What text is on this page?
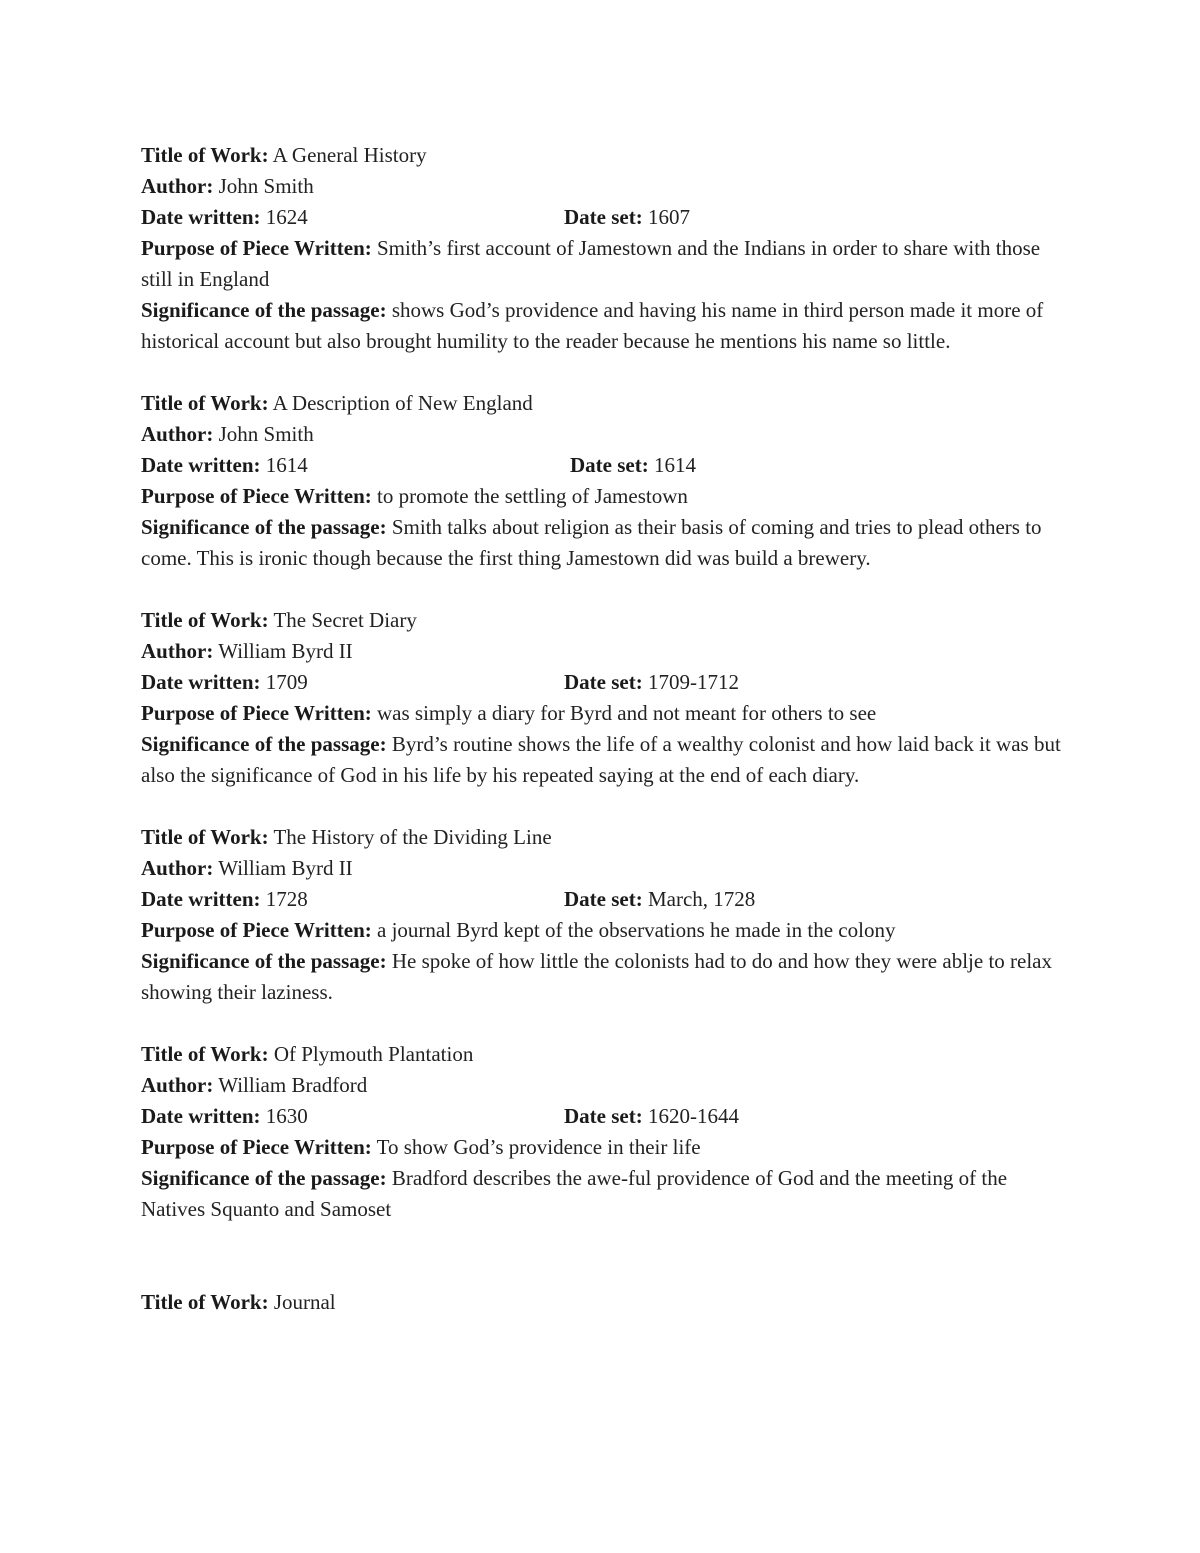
Title of Work: A General History

Author: John Smith

Date written: 1624	Date set: 1607

Purpose of Piece Written: Smith’s first account of Jamestown and the Indians in order to share with those still in England

Significance of the passage: shows God’s providence and having his name in third person made it more of historical account but also brought humility to the reader because he mentions his name so little.

Title of Work: A Description of New England

Author: John Smith

Date written: 1614	Date set: 1614

Purpose of Piece Written: to promote the settling of Jamestown

Significance of the passage: Smith talks about religion as their basis of coming and tries to plead others to come. This is ironic though because the first thing Jamestown did was build a brewery.

Title of Work: The Secret Diary

Author: William Byrd II

Date written: 1709	Date set: 1709-1712

Purpose of Piece Written: was simply a diary for Byrd and not meant for others to see

Significance of the passage: Byrd’s routine shows the life of a wealthy colonist and how laid back it was but also the significance of God in his life by his repeated saying at the end of each diary.

Title of Work: The History of the Dividing Line

Author: William Byrd II

Date written: 1728	Date set: March, 1728

Purpose of Piece Written: a journal Byrd kept of the observations he made in the colony

Significance of the passage: He spoke of how little the colonists had to do and how they were ablje to relax showing their laziness.

Title of Work: Of Plymouth Plantation

Author: William Bradford

Date written: 1630	Date set: 1620-1644

Purpose of Piece Written: To show God’s providence in their life

Significance of the passage: Bradford describes the awe-ful providence of God and the meeting of the Natives Squanto and Samoset

Title of Work: Journal
